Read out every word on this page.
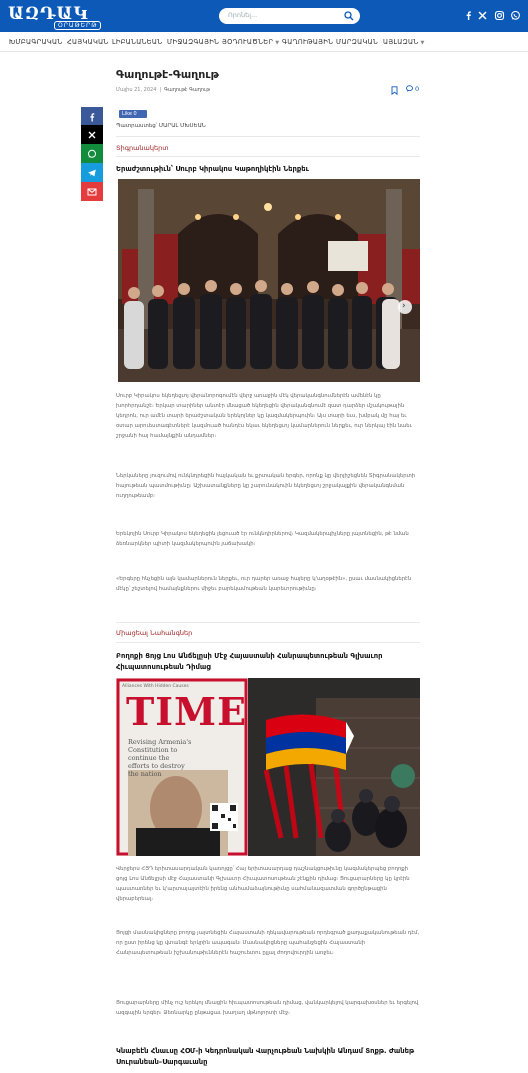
ԱԶԴԱԿ
ՕՐԱԹԵՐԹ
Որոնել...
ԽՄԲԱԳՐԱԿԱՆ ՀԱՅԿԱԿԱՆ ԼԻԲԱՆԱՆԵԱՆ ՄԻՋԱԶԳԱՅԻՆ ՅՕԴՈՒԱԾՆԵՐ ▼ ԳԱՂՈՒԹԱՅԻՆ ՄԱՐԶԱԿԱՆ ԱՅԼԱԶԱՆ ▼
Գաղութէ-Գաղութ
Մայիս 21, 2024 | Գաղութէ Գաղութ	0
Like 0
Պատրաստեց՝ ՄԱՐԱԼ ՄԽՍԵԱՆ
Տիգրանակերտ
Երաժշտութիւն՝ Սուրբ Կիրակոս Կաթողիկէին Ներքեւ
›
Սուրբ Կիրակոս եկեղեցւոյ վերանորոգումէն վերջ առաջին մէկ վերականգնումներէն ամենէն կը խորհրդանշէ։ Երկար տարիներ անտէր մնացած եկեղեցին վերականգնումէ զատ դարձեր մշակութային կեդրոն, ուր ամէն տարի երաժշտական երեկոյներ կը կազմակերպուին։ Այս տարի եւս, խմբակ մը հայ եւ օտար արուեստագէտներէ կազմուած հանդէս եկաւ եկեղեցւոյ կամարներուն ներքեւ, ուր ներկայ էին նաեւ շրջանի հայ համայնքին անդամներ։
Ներկաները յուզումով ունկնդրեցին հայկական եւ քրտական երգեր, որոնք կը վերյիշեցնեն Տիգրանակերտի հայութեան պատմութիւնը։ Աշխատանքները կը շարունակուին եկեղեցւոյ շրջակայքին վերականգնման ուղղութեամբ։
Երեկոյին Սուրբ Կիրակոս եկեղեցին լեցուած էր ունկնդիրներով։ Կազմակերպիչները յայտնեցին, թէ նման ձեռնարկներ պիտի կազմակերպուին յաճախակի։
«Երգերը հնչեցին այն կամարներուն ներքեւ, ուր դարեր առաջ հայերը կ'աղօթէին», ըսաւ մասնակիցներէն մէկը՝ շեշտելով համայնքներու միջեւ բարեկամութեան կարեւորութիւնը։
Միացեալ Նահանգներ
Բողոքի Ցոյց Լոս Անճելըսի Մէջ Հայաստանի Հանրապետութեան Գլխաւոր Հիւպատոսութեան Դիմաց
Alliances With Hidden Causes
TIME
Revising Armenia's Constitution to continue the efforts to destroy the nation
Վերջերս ՀՅԴ երիտասարդական կառոյցը՝ Հայ երիտասարդաց դաշնակցութիւնը կազմակերպեց բողոքի ցոյց Լոս Անճելըսի մէջ Հայաստանի Գլխաւոր Հիւպատոսութեան շէնքին դիմաց։ Ցուցարարները կը կրէին պաստառներ եւ կ'արտայայտէին իրենց անհամաձայնութիւնը սահմանազատման գործընթացին վերաբերեալ։
Ցոյցի մասնակիցները բողոք յայտնեցին Հայաստանի ղեկավարութեան որդեգրած քաղաքականութեան դէմ, որ ըստ իրենց կը վտանգէ երկրին ապագան։ Մասնակիցները պահանջեցին Հայաստանի Հանրապետութեան իշխանութիւններէն հաշուետու ըլլալ ժողովուրդին առջեւ։
Ցուցարարները մինչ ուշ երեկոյ մնացին հիւպատոսութեան դիմաց, վանկարկելով կարգախօսներ եւ երգելով ազգային երգեր։ Ձեռնարկը ընթացաւ խաղաղ մթնոլորտի մէջ։
Կնաբեէն Հնաւսը ՀՕՄ-ի Կեդրոնական Վարչութեան Նախկին Անդամ Տոքթ. Ժանեթ Սուրանեան–Սարգաւանը
